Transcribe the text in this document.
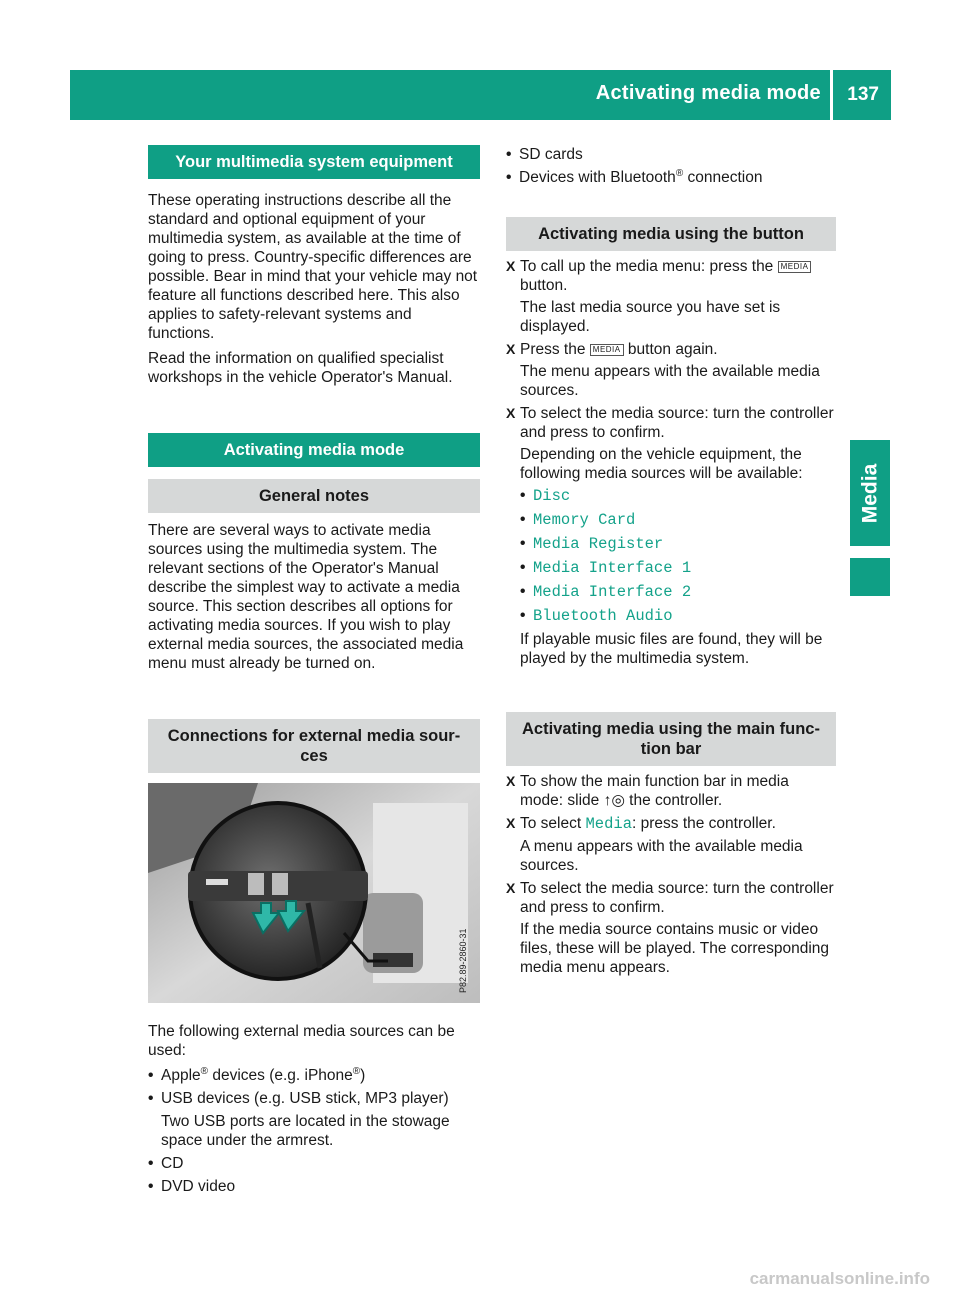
Activating media mode 137
Media
Your multimedia system equipment

These operating instructions describe all the standard and optional equipment of your multimedia system, as available at the time of going to press. Country-specific differences are possible. Bear in mind that your vehicle may not feature all functions described here. This also applies to safety-relevant systems and functions.

Read the information on qualified specialist workshops in the vehicle Operator's Manual.

Activating media mode
General notes

There are several ways to activate media sources using the multimedia system. The relevant sections of the Operator's Manual describe the simplest way to activate a media source. This section describes all options for activating media sources. If you wish to play external media sources, the associated media menu must already be turned on.

Connections for external media sour-
ces
P82.89-2860-31

The following external media sources can be used:

• Apple® devices (e.g. iPhone®)
• USB devices (e.g. USB stick, MP3 player)
Two USB ports are located in the stowage space under the armrest.
• CD
• DVD video
• SD cards
• Devices with Bluetooth® connection
Activating media using the button
X To call up the media menu: press the MEDIA button.

The last media source you have set is displayed.

X Press the MEDIA button again.

The menu appears with the available media sources.

X To select the media source: turn the controller and press to confirm.

Depending on the vehicle equipment, the following media sources will be available:

• Disc
• Memory Card
• Media Register
• Media Interface 1
• Media Interface 2
• Bluetooth Audio

If playable music files are found, they will be played by the multimedia system.

Activating media using the main func-
tion bar
X To show the main function bar in media mode: slide ↑◎ the controller.

X To select Media: press the controller.

A menu appears with the available media sources.

X To select the media source: turn the controller and press to confirm.

If the media source contains music or video files, these will be played. The corresponding media menu appears.

carmanualsonline.info
